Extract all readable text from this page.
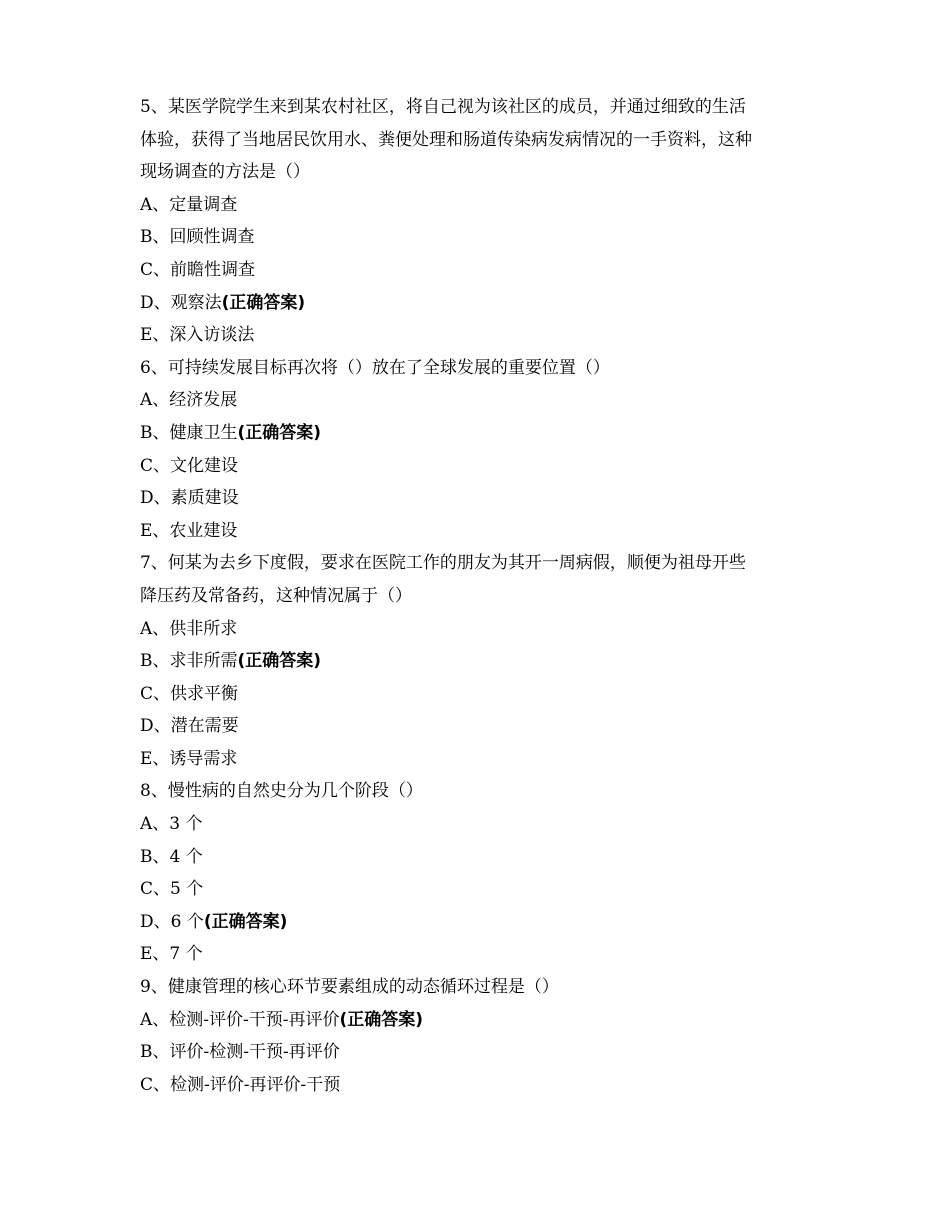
5、某医学院学生来到某农村社区，将自己视为该社区的成员，并通过细致的生活
体验，获得了当地居民饮用水、粪便处理和肠道传染病发病情况的一手资料，这种
现场调查的方法是（）
A、定量调查
B、回顾性调查
C、前瞻性调查
D、观察法(正确答案)
E、深入访谈法
6、可持续发展目标再次将（）放在了全球发展的重要位置（）
A、经济发展
B、健康卫生(正确答案)
C、文化建设
D、素质建设
E、农业建设
7、何某为去乡下度假，要求在医院工作的朋友为其开一周病假，顺便为祖母开些
降压药及常备药，这种情况属于（）
A、供非所求
B、求非所需(正确答案)
C、供求平衡
D、潜在需要
E、诱导需求
8、慢性病的自然史分为几个阶段（）
A、3 个
B、4 个
C、5 个
D、6 个(正确答案)
E、7 个
9、健康管理的核心环节要素组成的动态循环过程是（）
A、检测-评价-干预-再评价(正确答案)
B、评价-检测-干预-再评价
C、检测-评价-再评价-干预
